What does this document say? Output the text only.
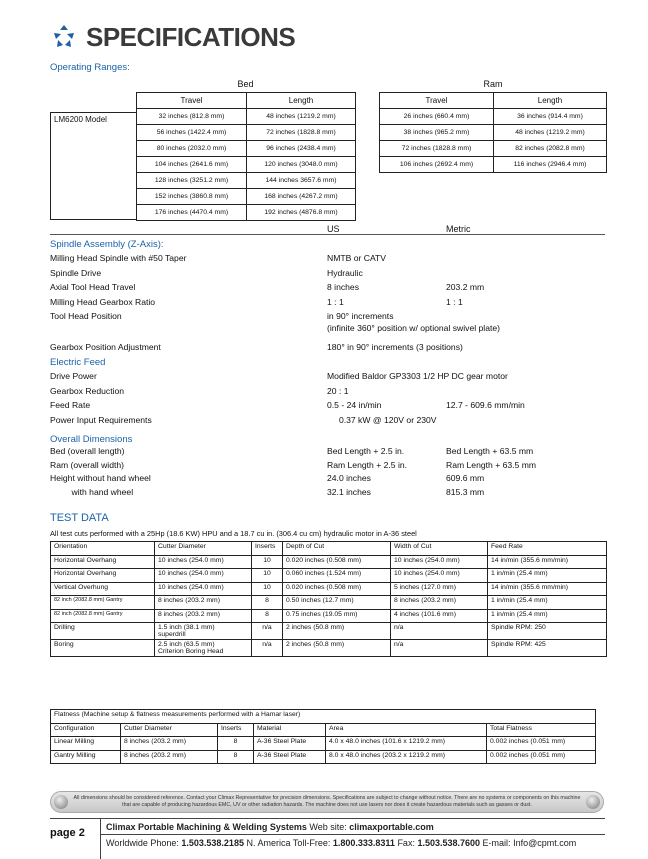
SPECIFICATIONS
Operating Ranges:
Bed	Ram
LM6200 Model
Travel	Length
32 inches (812.8 mm)	48 inches (1219.2 mm)
56 inches (1422.4 mm)	72 inches (1828.8 mm)
80 inches (2032.0 mm)	96 inches (2438.4 mm)
104 inches (2641.6 mm)	120 inches (3048.0 mm)
128 inches (3251.2 mm)	144 inches 3657.6 mm)
152 inches (3860.8 mm)	168 inches (4267.2 mm)
176 inches (4470.4 mm)	192 inches (4876.8 mm)
Travel	Length
26 inches (660.4 mm)	36 inches (914.4 mm)
38 inches (965.2 mm)	48 inches (1219.2 mm)
72 inches (1828.8 mm)	82 inches (2082.8 mm)
106 inches (2692.4 mm)	116 inches (2946.4 mm)
US	Metric
Spindle Assembly (Z-Axis):
Milling Head Spindle with #50 Taper	NMTB or CATV
Spindle Drive	Hydraulic
Axial Tool Head Travel	8 inches	203.2 mm
Milling Head Gearbox Ratio	1 : 1	1 : 1
Tool Head Position	in 90° increments
(infinite 360° position w/ optional swivel plate)
Gearbox Position Adjustment	180° in 90° increments (3 positions)
Electric Feed
Drive Power	Modified Baldor GP3303 1/2 HP DC gear motor
Gearbox Reduction	20 : 1
Feed Rate	0.5 - 24 in/min	12.7 - 609.6 mm/min
Power Input Requirements	0.37 kW @ 120V or 230V
Overall Dimensions
Bed (overall length)	Bed Length + 2.5 in.	Bed Length + 63.5 mm
Ram (overall width)	Ram Length + 2.5 in.	Ram Length + 63.5 mm
Height without hand wheel	24.0 inches	609.6 mm
with hand wheel	32.1 inches	815.3 mm
TEST DATA
All test cuts performed with a 25Hp (18.6 KW) HPU and a 18.7 cu in. (306.4 cu cm) hydraulic motor in A-36 steel
Orientation	Cutter Diameter	Inserts	Depth of Cut	Width of Cut	Feed Rate
Horizontal Overhang	10 inches (254.0 mm)	10	0.020 inches (0.508 mm)	10 inches (254.0 mm)	14 in/min (355.6 mm/min)
Horizontal Overhang	10 inches (254.0 mm)	10	0.060 inches (1.524 mm)	10 inches (254.0 mm)	1 in/min (25.4 mm)
Vertical Overhung	10 inches (254.0 mm)	10	0.020 inches (0.508 mm)	5 inches (127.0 mm)	14 in/min (355.6 mm/min)
82 inch (2082.8 mm) Gantry	8 inches (203.2 mm)	8	0.50 inches (12.7 mm)	8 inches (203.2 mm)	1 in/min (25.4 mm)
82 inch (2082.8 mm) Gantry	8 inches (203.2 mm)	8	0.75 inches (19.05 mm)	4 inches (101.6 mm)	1 in/min (25.4 mm)
Drilling	1.5 inch (38.1 mm)
superdrill	n/a	2 inches (50.8 mm)	n/a	Spindle RPM: 250
Boring	2.5 inch (63.5 mm)
Criterion Boring Head	n/a	2 inches (50.8 mm)	n/a	Spindle RPM: 425
Flatness (Machine setup & flatness measurements performed with a Hamar laser)					
Configuration	Cutter Diameter	Inserts	Material	Area	Total Flatness
Linear Milling	8 inches (203.2 mm)	8	A-36 Steel Plate	4.0 x 48.0 inches (101.6 x 1219.2 mm)	0.002 inches (0.051 mm)
Gantry Milling	8 inches (203.2 mm)	8	A-36 Steel Plate	8.0 x 48.0 inches (203.2 x 1219.2 mm)	0.002 inches (0.051 mm)
All dimensions should be considered reference. Contact your Climax Representative for precision dimensions. Specifications are subject to change without notice. There are no systems or components on this machine that are capable of producing hazardous EMC, UV or other radiation hazards. The machine does not use lasers nor does it create hazardous materials such as gasses or dust.
page 2 Climax Portable Machining & Welding Systems Web site: climaxportable.com
Worldwide Phone: 1.503.538.2185 N. America Toll-Free: 1.800.333.8311 Fax: 1.503.538.7600 E-mail: Info@cpmt.com
